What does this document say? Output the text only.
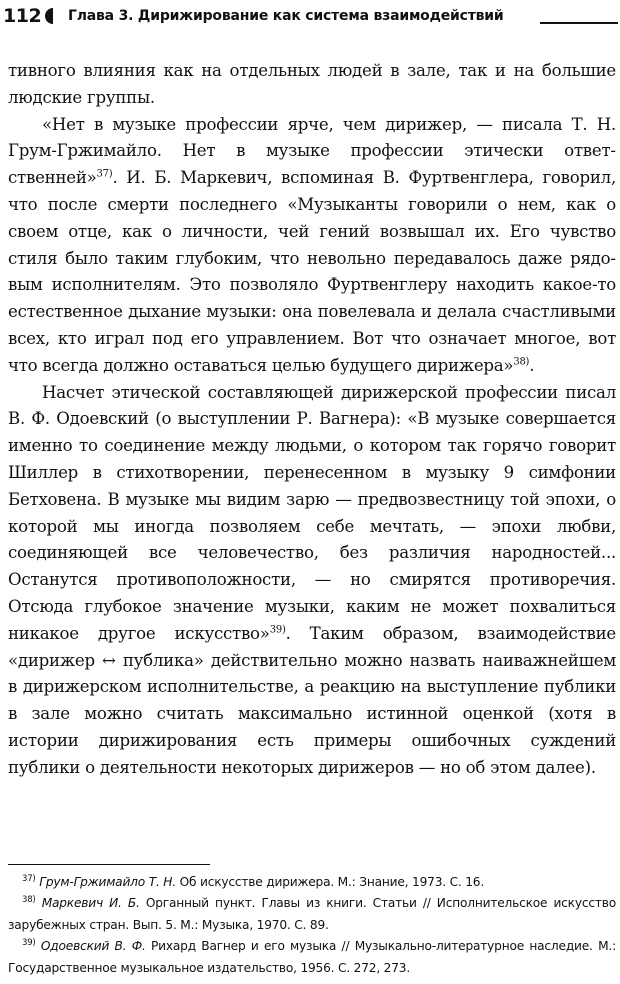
112 Глава 3. Дирижирование как система взаимодействий

тивного влияния как на отдельных людей в зале, так и на большие людские группы.

«Нет в музыке профессии ярче, чем дирижер, — писала Т. Н. Грум-Гржимайло. Нет в музыке профессии этически ответственней»$^{37)}$. И. Б. Маркевич, вспоминая В. Фуртвенглера, говорил, что после смерти последнего «Музыканты говорили о нем, как о своем отце, как о личности, чей гений возвышал их. Его чувство стиля было таким глубоким, что невольно передавалось даже рядовым исполнителям. Это позволяло Фуртвенглеру находить какое-то естественное дыхание музыки: она повелевала и делала счастливыми всех, кто играл под его управлением. Вот что означает многое, вот что всегда должно оставаться целью будущего дирижера»$^{38)}$.

Насчет этической составляющей дирижерской профессии писал В. Ф. Одоевский (о выступлении Р. Вагнера): «В музыке совершается именно то соединение между людьми, о котором так горячо говорит Шиллер в стихотворении, перенесенном в музыку 9 симфонии Бетховена. В музыке мы видим зарю — предвозвестницу той эпохи, о которой мы иногда позволяем себе мечтать, — эпохи любви, соединяющей все человечество, без различия народностей... Останутся противоположности, — но смирятся противоречия. Отсюда глубокое значение музыки, каким не может похвалиться никакое другое искусство»$^{39)}$. Таким образом, взаимодействие «дирижер ↔ публика» действительно можно назвать наиважнейшем в дирижерском исполнительстве, а реакцию на выступление публики в зале можно считать максимально истинной оценкой (хотя в истории дирижирования есть примеры ошибочных суждений публики о деятельности некоторых дирижеров — но об этом далее).

$^{37)}$ Грум-Гржимайло Т. Н. Об искусстве дирижера. М.: Знание, 1973. С. 16.

$^{38)}$ Маркевич И. Б. Органный пункт. Главы из книги. Статьи // Исполнительское искусство зарубежных стран. Вып. 5. М.: Музыка, 1970. С. 89.

$^{39)}$ Одоевский В. Ф. Рихард Вагнер и его музыка // Музыкально-литературное наследие. М.: Государственное музыкальное издательство, 1956. С. 272, 273.
